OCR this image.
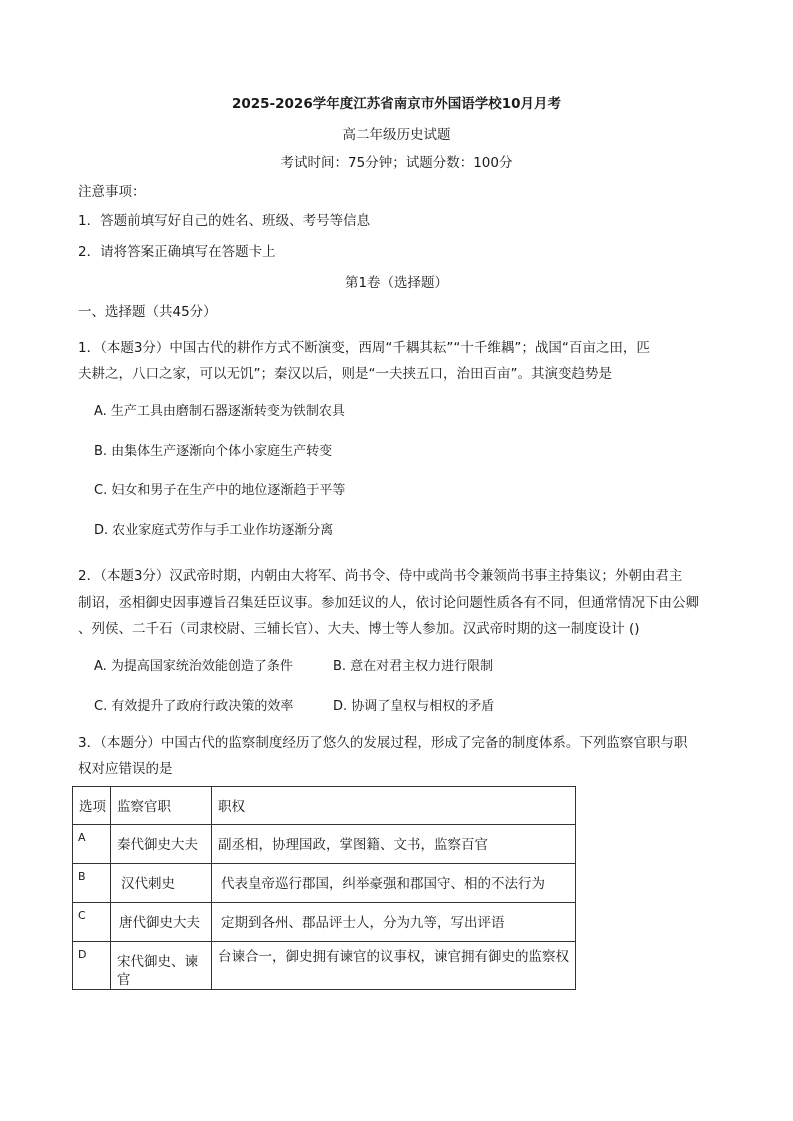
2025-2026学年度江苏省南京市外国语学校10月月考
高二年级历史试题
考试时间：75分钟；试题分数：100分
注意事项：
1．答题前填写好自己的姓名、班级、考号等信息
2．请将答案正确填写在答题卡上
第1卷（选择题）
一、选择题（共45分）
1．（本题3分）中国古代的耕作方式不断演变，西周“千耦其耘”“十千维耦”；战国“百亩之田，匹
夫耕之，八口之家，可以无饥”；秦汉以后，则是“一夫挟五口，治田百亩”。其演变趋势是
A. 生产工具由磨制石器逐渐转变为铁制农具
B. 由集体生产逐渐向个体小家庭生产转变
C. 妇女和男子在生产中的地位逐渐趋于平等
D. 农业家庭式劳作与手工业作坊逐渐分离
2．（本题3分）汉武帝时期，内朝由大将军、尚书令、侍中或尚书令兼领尚书事主持集议；外朝由君主
制诏，丞相御史因事遵旨召集廷臣议事。参加廷议的人，依讨论问题性质各有不同，但通常情况下由公卿
、列侯、二千石（司隶校尉、三辅长官）、大夫、博士等人参加。汉武帝时期的这一制度设计 ()
A. 为提高国家统治效能创造了条件	B. 意在对君主权力进行限制
C. 有效提升了政府行政决策的效率	D. 协调了皇权与相权的矛盾
3．（本题分）中国古代的监察制度经历了悠久的发展过程，形成了完备的制度体系。下列监察官职与职
权对应错误的是
选项	监察官职	职权

A	秦代御史大夫	副丞相，协理国政，掌图籍、文书，监察百官

B	汉代刺史	代表皇帝巡行郡国，纠举豪强和郡国守、相的不法行为

C	唐代御史大夫	定期到各州、郡品评士人，分为九等，写出评语

D	宋代御史、谏官	台谏合一，御史拥有谏官的议事权，谏官拥有御史的监察权
